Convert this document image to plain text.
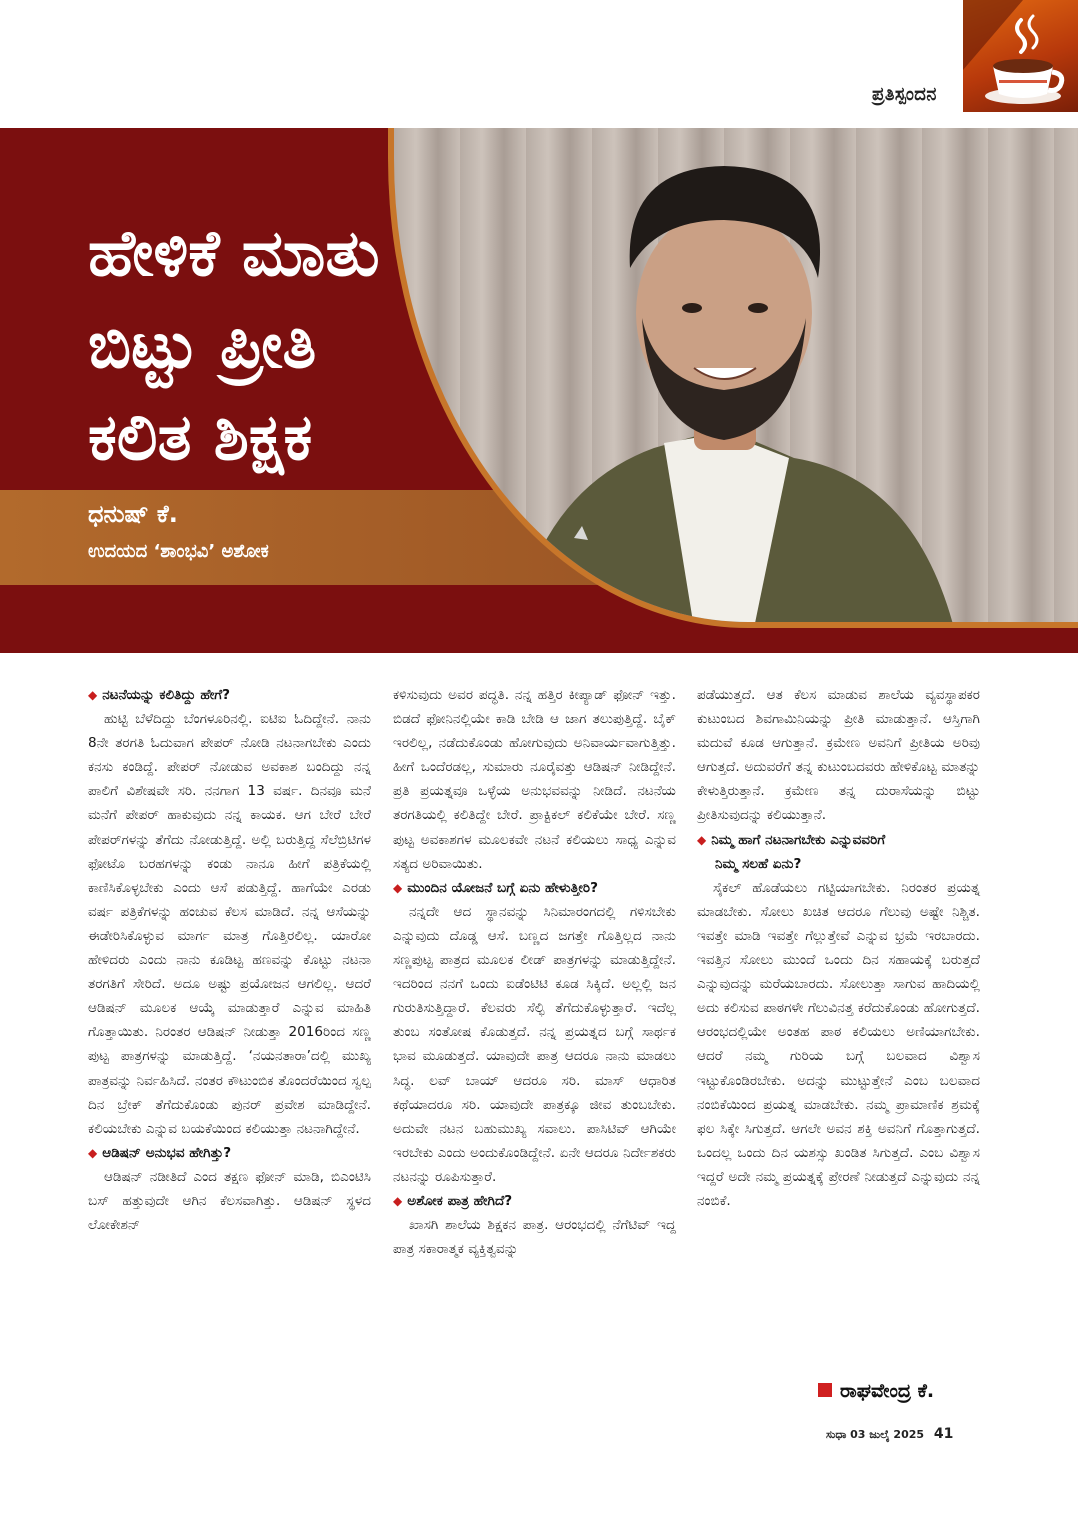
ಪ್ರತಿಸ್ಪಂದನ
ಹೇಳಿಕೆ ಮಾತು
ಬಿಟ್ಟು ಪ್ರೀತಿ
ಕಲಿತ ಶಿಕ್ಷಕ
ಧನುಷ್ ಕೆ.
ಉದಯದ ‘ಶಾಂಭವಿ’ ಅಶೋಕ
◆ ನಟನೆಯನ್ನು ಕಲಿತಿದ್ದು ಹೇಗೆ?

ಹುಟ್ಟಿ ಬೆಳೆದಿದ್ದು ಬೆಂಗಳೂರಿನಲ್ಲಿ. ಐಟಿಐ ಓದಿದ್ದೇನೆ. ನಾನು 8ನೇ ತರಗತಿ ಓದುವಾಗ ಪೇಪರ್ ನೋಡಿ ನಟನಾಗಬೇಕು ಎಂದು ಕನಸು ಕಂಡಿದ್ದೆ. ಪೇಪರ್ ನೋಡುವ ಅವಕಾಶ ಬಂದಿದ್ದು ನನ್ನ ಪಾಲಿಗೆ ವಿಶೇಷವೇ ಸರಿ. ನನಗಾಗ 13 ವರ್ಷ. ದಿನವೂ ಮನೆ ಮನೆಗೆ ಪೇಪರ್ ಹಾಕುವುದು ನನ್ನ ಕಾಯಕ. ಆಗ ಬೇರೆ ಬೇರೆ ಪೇಪರ್‌ಗಳನ್ನು ತೆಗೆದು ನೋಡುತ್ತಿದ್ದೆ. ಅಲ್ಲಿ ಬರುತ್ತಿದ್ದ ಸೆಲೆಬ್ರಿಟಿಗಳ ಫೋಟೊ ಬರಹಗಳನ್ನು ಕಂಡು ನಾನೂ ಹೀಗೆ ಪತ್ರಿಕೆಯಲ್ಲಿ ಕಾಣಿಸಿಕೊಳ್ಳಬೇಕು ಎಂದು ಆಸೆ ಪಡುತ್ತಿದ್ದೆ. ಹಾಗೆಯೇ ಎರಡು ವರ್ಷ ಪತ್ರಿಕೆಗಳನ್ನು ಹಂಚುವ ಕೆಲಸ ಮಾಡಿದೆ. ನನ್ನ ಆಸೆಯನ್ನು ಈಡೇರಿಸಿಕೊಳ್ಳುವ ಮಾರ್ಗ ಮಾತ್ರ ಗೊತ್ತಿರಲಿಲ್ಲ. ಯಾರೋ ಹೇಳಿದರು ಎಂದು ನಾನು ಕೂಡಿಟ್ಟ ಹಣವನ್ನು ಕೊಟ್ಟು ನಟನಾ ತರಗತಿಗೆ ಸೇರಿದೆ. ಅದೂ ಅಷ್ಟು ಪ್ರಯೋಜನ ಆಗಲಿಲ್ಲ. ಆದರೆ ಆಡಿಷನ್ ಮೂಲಕ ಆಯ್ಕೆ ಮಾಡುತ್ತಾರೆ ಎನ್ನುವ ಮಾಹಿತಿ ಗೊತ್ತಾಯಿತು. ನಿರಂತರ ಆಡಿಷನ್ ನೀಡುತ್ತಾ 2016ರಿಂದ ಸಣ್ಣ ಪುಟ್ಟ ಪಾತ್ರಗಳನ್ನು ಮಾಡುತ್ತಿದ್ದೆ. ‘ನಯನತಾರಾ’ದಲ್ಲಿ ಮುಖ್ಯ ಪಾತ್ರವನ್ನು ನಿರ್ವಹಿಸಿದೆ. ನಂತರ ಕೌಟುಂಬಿಕ ತೊಂದರೆಯಿಂದ ಸ್ವಲ್ಪ ದಿನ ಬ್ರೇಕ್ ತೆಗೆದುಕೊಂಡು ಪುನರ್ ಪ್ರವೇಶ ಮಾಡಿದ್ದೇನೆ. ಕಲಿಯಬೇಕು ಎನ್ನುವ ಬಯಕೆಯಿಂದ ಕಲಿಯುತ್ತಾ ನಟನಾಗಿದ್ದೇನೆ.

◆ ಆಡಿಷನ್ ಅನುಭವ ಹೇಗಿತ್ತು?

ಆಡಿಷನ್ ನಡೀತಿದೆ ಎಂದ ತಕ್ಷಣ ಫೋನ್ ಮಾಡಿ, ಬಿಎಂಟಿಸಿ ಬಸ್ ಹತ್ತುವುದೇ ಆಗಿನ ಕೆಲಸವಾಗಿತ್ತು. ಆಡಿಷನ್ ಸ್ಥಳದ ಲೋಕೇಶನ್

ಕಳಿಸುವುದು ಅವರ ಪದ್ಧತಿ. ನನ್ನ ಹತ್ತಿರ ಕೀಪ್ಯಾಡ್ ಫೋನ್ ಇತ್ತು. ಬಿಡದೆ ಫೋನಿನಲ್ಲಿಯೇ ಕಾಡಿ ಬೇಡಿ ಆ ಜಾಗ ತಲುಪುತ್ತಿದ್ದೆ. ಬೈಕ್ ಇರಲಿಲ್ಲ, ನಡೆದುಕೊಂಡು ಹೋಗುವುದು ಅನಿವಾರ್ಯವಾಗುತ್ತಿತ್ತು. ಹೀಗೆ ಒಂದೆರಡಲ್ಲ, ಸುಮಾರು ನೂರೈವತ್ತು ಆಡಿಷನ್ ನೀಡಿದ್ದೇನೆ. ಪ್ರತಿ ಪ್ರಯತ್ನವೂ ಒಳ್ಳೆಯ ಅನುಭವವನ್ನು ನೀಡಿದೆ. ನಟನೆಯ ತರಗತಿಯಲ್ಲಿ ಕಲಿತಿದ್ದೇ ಬೇರೆ. ಪ್ರಾಕ್ಟಿಕಲ್ ಕಲಿಕೆಯೇ ಬೇರೆ. ಸಣ್ಣ ಪುಟ್ಟ ಅವಕಾಶಗಳ ಮೂಲಕವೇ ನಟನೆ ಕಲಿಯಲು ಸಾಧ್ಯ ಎನ್ನುವ ಸತ್ಯದ ಅರಿವಾಯಿತು.

◆ ಮುಂದಿನ ಯೋಜನೆ ಬಗ್ಗೆ ಏನು ಹೇಳುತ್ತೀರಿ?

ನನ್ನದೇ ಆದ ಸ್ಥಾನವನ್ನು ಸಿನಿಮಾರಂಗದಲ್ಲಿ ಗಳಿಸಬೇಕು ಎನ್ನುವುದು ದೊಡ್ಡ ಆಸೆ. ಬಣ್ಣದ ಜಗತ್ತೇ ಗೊತ್ತಿಲ್ಲದ ನಾನು ಸಣ್ಣಪುಟ್ಟ ಪಾತ್ರದ ಮೂಲಕ ಲೀಡ್ ಪಾತ್ರಗಳನ್ನು ಮಾಡುತ್ತಿದ್ದೇನೆ. ಇದರಿಂದ ನನಗೆ ಒಂದು ಐಡೆಂಟಿಟಿ ಕೂಡ ಸಿಕ್ಕಿದೆ. ಅಲ್ಲಲ್ಲಿ ಜನ ಗುರುತಿಸುತ್ತಿದ್ದಾರೆ. ಕೆಲವರು ಸೆಲ್ಫಿ ತೆಗೆದುಕೊಳ್ಳುತ್ತಾರೆ. ಇದೆಲ್ಲ ತುಂಬ ಸಂತೋಷ ಕೊಡುತ್ತದೆ. ನನ್ನ ಪ್ರಯತ್ನದ ಬಗ್ಗೆ ಸಾರ್ಥಕ ಭಾವ ಮೂಡುತ್ತದೆ. ಯಾವುದೇ ಪಾತ್ರ ಆದರೂ ನಾನು ಮಾಡಲು ಸಿದ್ಧ. ಲವ್ ಬಾಯ್ ಆದರೂ ಸರಿ. ಮಾಸ್ ಆಧಾರಿತ ಕಥೆಯಾದರೂ ಸರಿ. ಯಾವುದೇ ಪಾತ್ರಕ್ಕೂ ಜೀವ ತುಂಬಬೇಕು. ಅದುವೇ ನಟನ ಬಹುಮುಖ್ಯ ಸವಾಲು. ಪಾಸಿಟಿವ್ ಆಗಿಯೇ ಇರಬೇಕು ಎಂದು ಅಂದುಕೊಂಡಿದ್ದೇನೆ. ಏನೇ ಆದರೂ ನಿರ್ದೇಶಕರು ನಟನನ್ನು ರೂಪಿಸುತ್ತಾರೆ.

◆ ಅಶೋಕ ಪಾತ್ರ ಹೇಗಿದೆ?

ಖಾಸಗಿ ಶಾಲೆಯ ಶಿಕ್ಷಕನ ಪಾತ್ರ. ಆರಂಭದಲ್ಲಿ ನೆಗೆಟಿವ್ ಇದ್ದ ಪಾತ್ರ ಸಕಾರಾತ್ಮಕ ವ್ಯಕ್ತಿತ್ವವನ್ನು

ಪಡೆಯುತ್ತದೆ. ಆತ ಕೆಲಸ ಮಾಡುವ ಶಾಲೆಯ ವ್ಯವಸ್ಥಾಪಕರ ಕುಟುಂಬದ ಶಿವಗಾಮಿನಿಯನ್ನು ಪ್ರೀತಿ ಮಾಡುತ್ತಾನೆ. ಆಸ್ತಿಗಾಗಿ ಮದುವೆ ಕೂಡ ಆಗುತ್ತಾನೆ. ಕ್ರಮೇಣ ಅವನಿಗೆ ಪ್ರೀತಿಯ ಅರಿವು ಆಗುತ್ತದೆ. ಅದುವರೆಗೆ ತನ್ನ ಕುಟುಂಬದವರು ಹೇಳಿಕೊಟ್ಟ ಮಾತನ್ನು ಕೇಳುತ್ತಿರುತ್ತಾನೆ. ಕ್ರಮೇಣ ತನ್ನ ದುರಾಸೆಯನ್ನು ಬಿಟ್ಟು ಪ್ರೀತಿಸುವುದನ್ನು ಕಲಿಯುತ್ತಾನೆ.

◆ ನಿಮ್ಮ ಹಾಗೆ ನಟನಾಗಬೇಕು ಎನ್ನುವವರಿಗೆ
ನಿಮ್ಮ ಸಲಹೆ ಏನು?

ಸೈಕಲ್ ಹೊಡೆಯಲು ಗಟ್ಟಿಯಾಗಬೇಕು. ನಿರಂತರ ಪ್ರಯತ್ನ ಮಾಡಬೇಕು. ಸೋಲು ಖಚಿತ ಆದರೂ ಗೆಲುವು ಅಷ್ಟೇ ನಿಶ್ಚಿತ. ಇವತ್ತೇ ಮಾಡಿ ಇವತ್ತೇ ಗೆಲ್ಲುತ್ತೇವೆ ಎನ್ನುವ ಭ್ರಮೆ ಇರಬಾರದು. ಇವತ್ತಿನ ಸೋಲು ಮುಂದೆ ಒಂದು ದಿನ ಸಹಾಯಕ್ಕೆ ಬರುತ್ತದೆ ಎನ್ನುವುದನ್ನು ಮರೆಯಬಾರದು. ಸೋಲುತ್ತಾ ಸಾಗುವ ಹಾದಿಯಲ್ಲಿ ಅದು ಕಲಿಸುವ ಪಾಠಗಳೇ ಗೆಲುವಿನತ್ತ ಕರೆದುಕೊಂಡು ಹೋಗುತ್ತದೆ. ಆರಂಭದಲ್ಲಿಯೇ ಅಂತಹ ಪಾಠ ಕಲಿಯಲು ಅಣಿಯಾಗಬೇಕು. ಆದರೆ ನಮ್ಮ ಗುರಿಯ ಬಗ್ಗೆ ಬಲವಾದ ವಿಶ್ವಾಸ ಇಟ್ಟುಕೊಂಡಿರಬೇಕು. ಅದನ್ನು ಮುಟ್ಟುತ್ತೇನೆ ಎಂಬ ಬಲವಾದ ನಂಬಿಕೆಯಿಂದ ಪ್ರಯತ್ನ ಮಾಡಬೇಕು. ನಮ್ಮ ಪ್ರಾಮಾಣಿಕ ಶ್ರಮಕ್ಕೆ ಫಲ ಸಿಕ್ಕೇ ಸಿಗುತ್ತದೆ. ಆಗಲೇ ಅವನ ಶಕ್ತಿ ಅವನಿಗೆ ಗೊತ್ತಾಗುತ್ತದೆ. ಒಂದಲ್ಲ ಒಂದು ದಿನ ಯಶಸ್ಸು ಖಂಡಿತ ಸಿಗುತ್ತದೆ. ಎಂಬ ವಿಶ್ವಾಸ ಇದ್ದರೆ ಅದೇ ನಮ್ಮ ಪ್ರಯತ್ನಕ್ಕೆ ಪ್ರೇರಣೆ ನೀಡುತ್ತದೆ ಎನ್ನುವುದು ನನ್ನ ನಂಬಿಕೆ.

ರಾಘವೇಂದ್ರ ಕೆ.
ಸುಧಾ 03 ಜುಲೈ 2025 41
